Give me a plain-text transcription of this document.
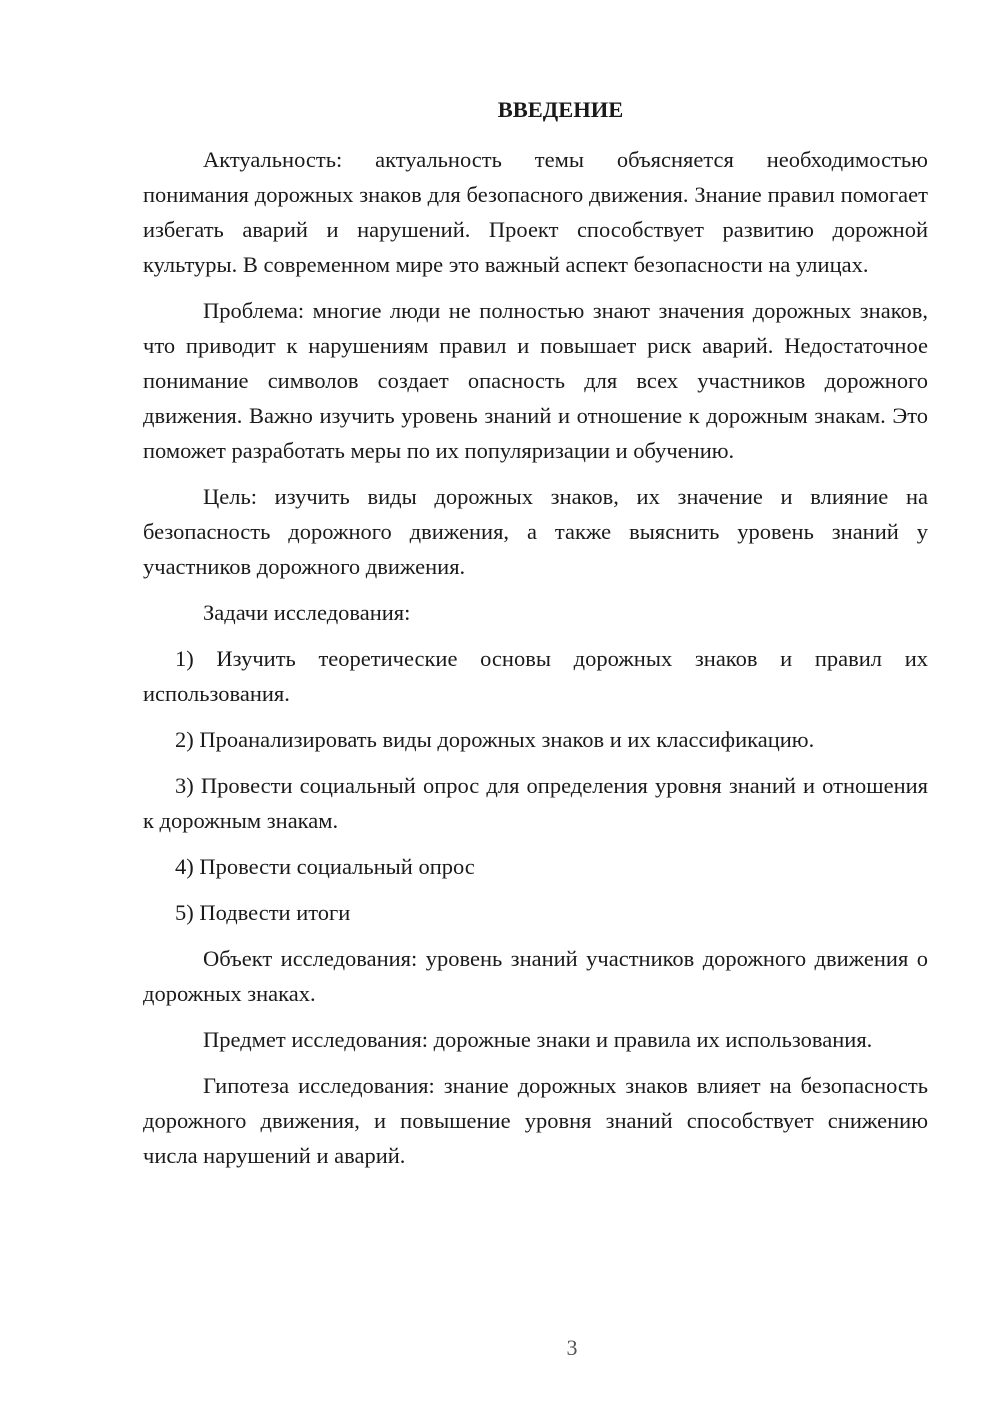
ВВЕДЕНИЕ

Актуальность: актуальность темы объясняется необходимостью понимания дорожных знаков для безопасного движения. Знание правил помогает избегать аварий и нарушений. Проект способствует развитию дорожной культуры. В современном мире это важный аспект безопасности на улицах.

Проблема: многие люди не полностью знают значения дорожных знаков, что приводит к нарушениям правил и повышает риск аварий. Недостаточное понимание символов создает опасность для всех участников дорожного движения. Важно изучить уровень знаний и отношение к дорожным знакам. Это поможет разработать меры по их популяризации и обучению.

Цель: изучить виды дорожных знаков, их значение и влияние на безопасность дорожного движения, а также выяснить уровень знаний у участников дорожного движения.

Задачи исследования:

1) Изучить теоретические основы дорожных знаков и правил их использования.

2) Проанализировать виды дорожных знаков и их классификацию.

3) Провести социальный опрос для определения уровня знаний и отношения к дорожным знакам.

4) Провести социальный опрос

5) Подвести итоги

Объект исследования: уровень знаний участников дорожного движения о дорожных знаках.

Предмет исследования: дорожные знаки и правила их использования.

Гипотеза исследования: знание дорожных знаков влияет на безопасность дорожного движения, и повышение уровня знаний способствует снижению числа нарушений и аварий.

3
